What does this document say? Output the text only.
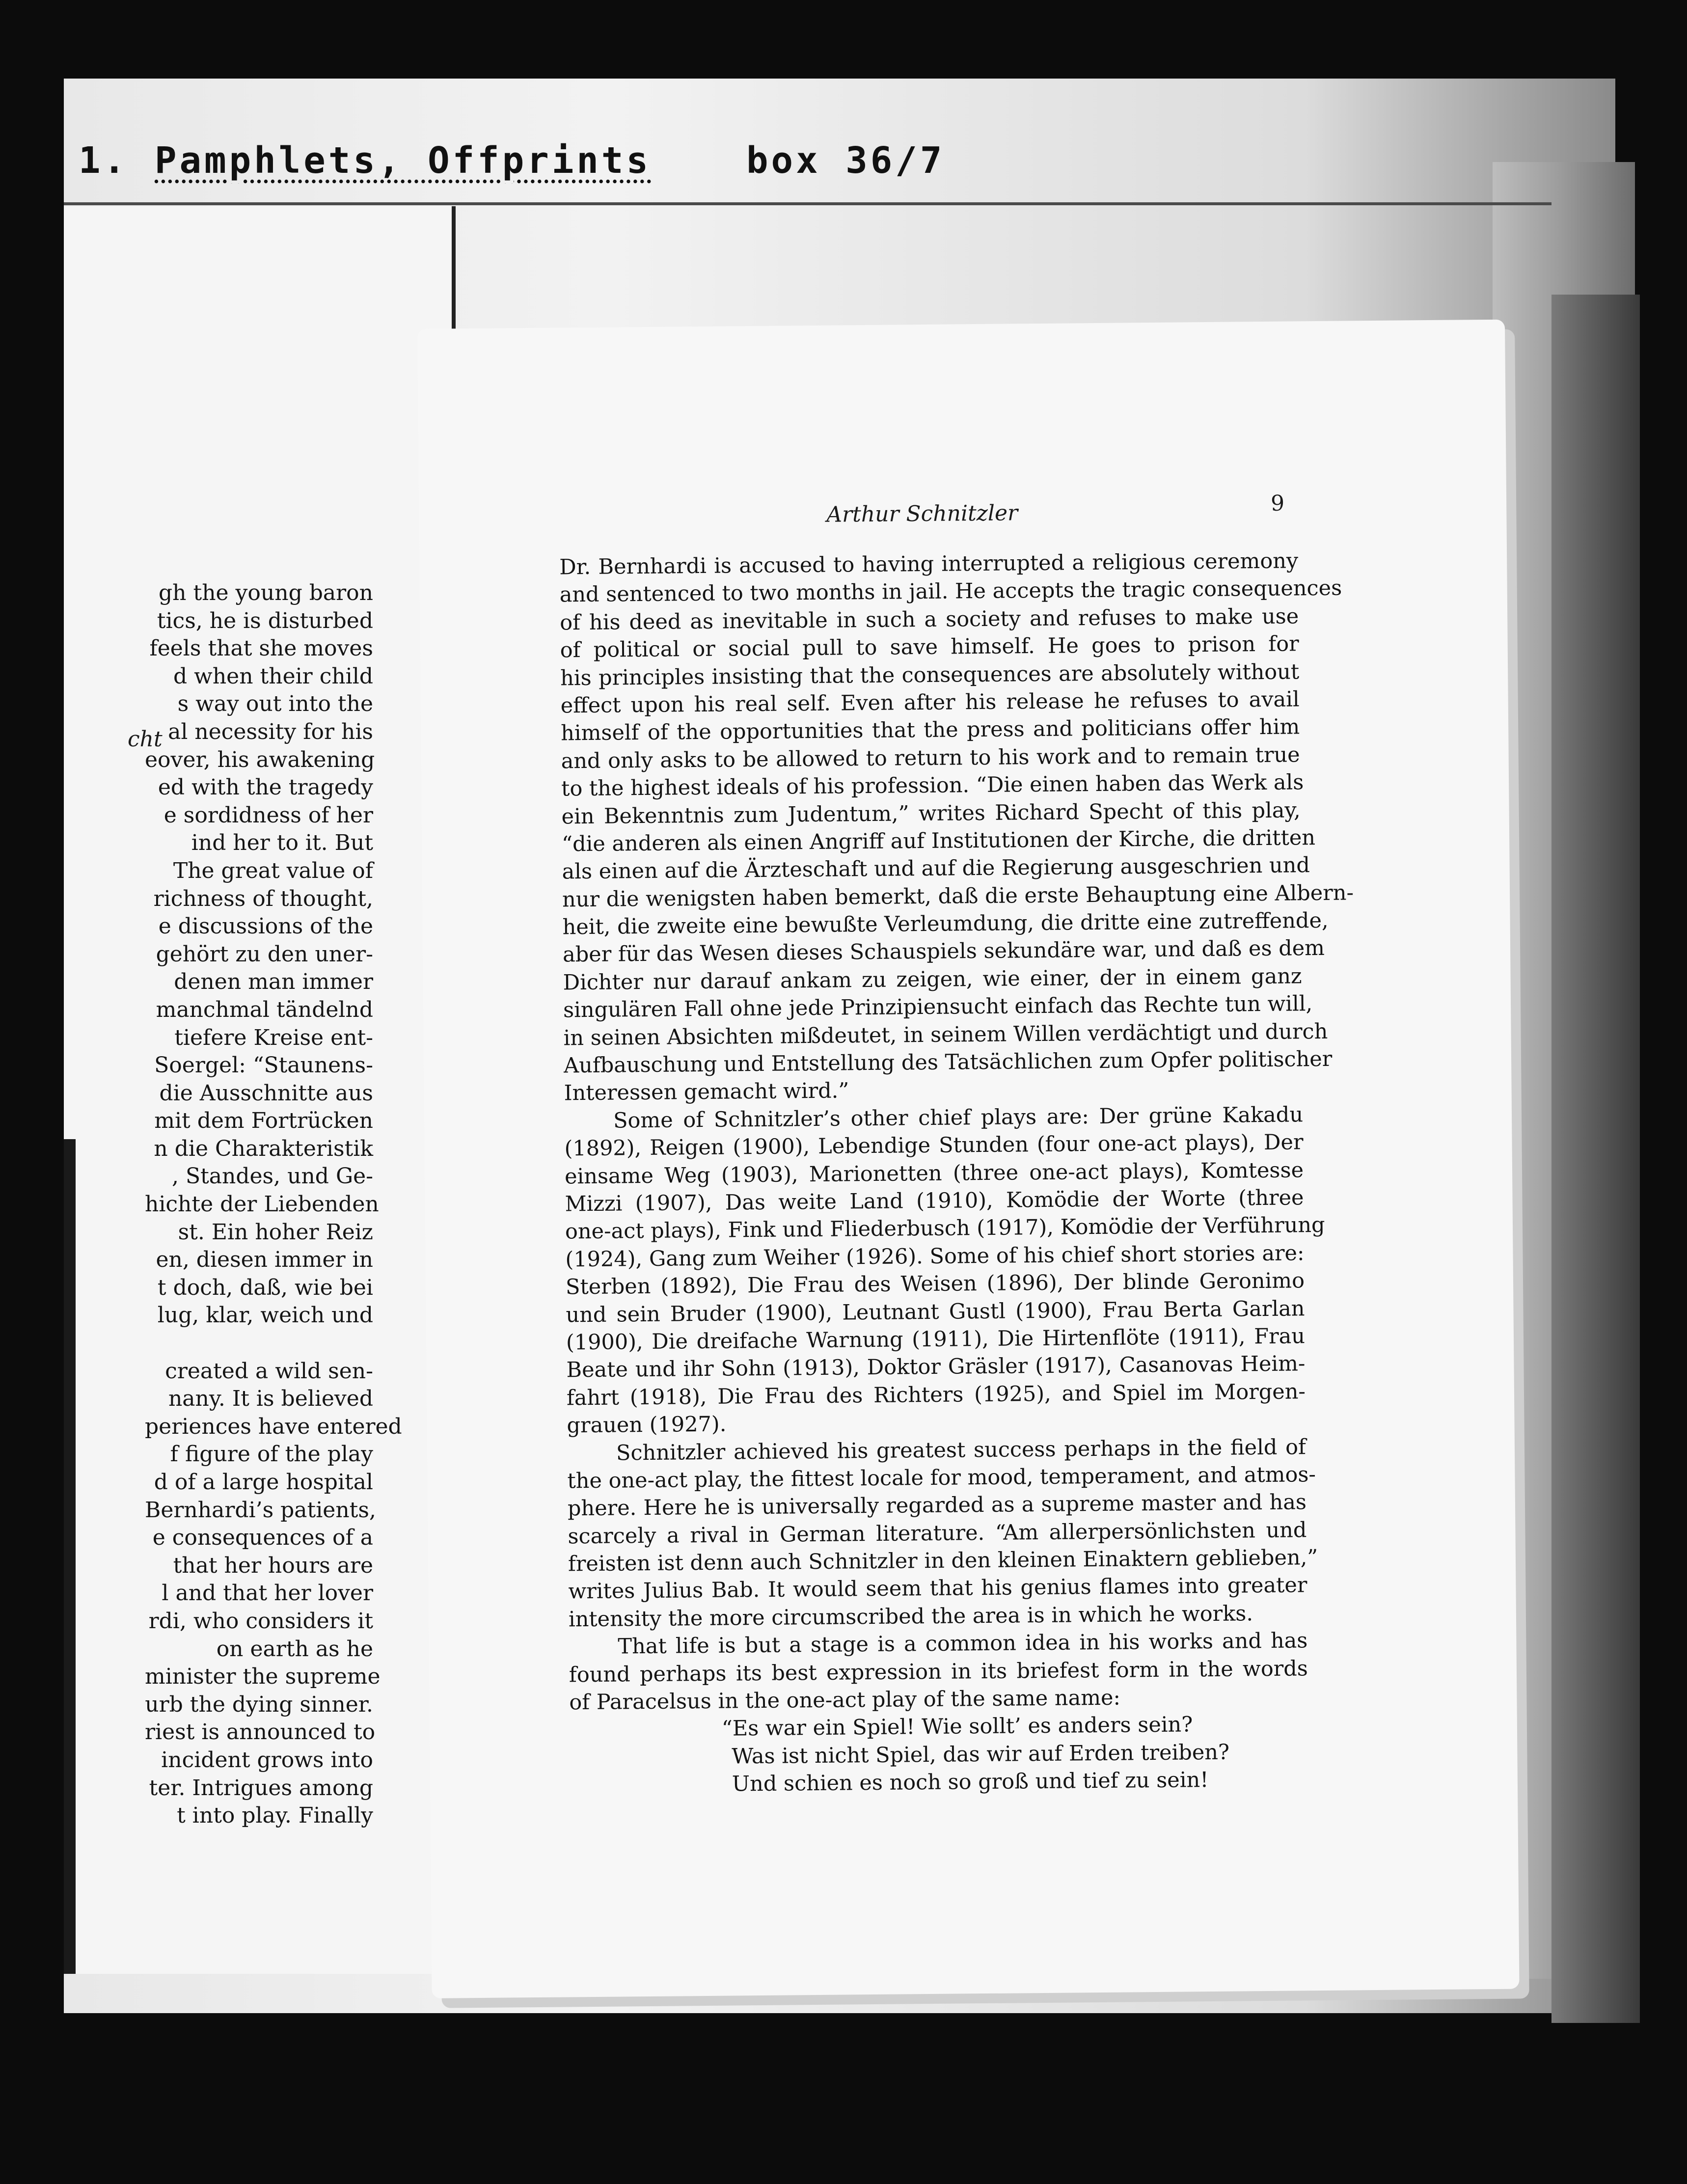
1. Pamphlets, Offprints	box 36/7
cht
gh the young baron
tics, he is disturbed
feels that she moves
d when their child
s way out into the
al necessity for his
eover, his awakening
ed with the tragedy
e sordidness of her
ind her to it. But
The great value of
richness of thought,
e discussions of the
gehört zu den uner-
denen man immer
manchmal tändelnd
tiefere Kreise ent-
Soergel: “Staunens-
die Ausschnitte aus
mit dem Fortrücken
n die Charakteristik
, Standes, und Ge-
hichte der Liebenden
st. Ein hoher Reiz
en, diesen immer in
t doch, daß, wie bei
lug, klar, weich und
created a wild sen-
nany. It is believed
periences have entered
f figure of the play
d of a large hospital
Bernhardi’s patients,
e consequences of a
that her hours are
l and that her lover
rdi, who considers it
on earth as he
minister the supreme
urb the dying sinner.
riest is announced to
incident grows into
ter. Intrigues among
t into play. Finally
Arthur Schnitzler	9
Dr. Bernhardi is accused to having interrupted a religious ceremony
and sentenced to two months in jail. He accepts the tragic consequences
of his deed as inevitable in such a society and refuses to make use
of political or social pull to save himself. He goes to prison for
his principles insisting that the consequences are absolutely without
effect upon his real self. Even after his release he refuses to avail
himself of the opportunities that the press and politicians offer him
and only asks to be allowed to return to his work and to remain true
to the highest ideals of his profession. “Die einen haben das Werk als
ein Bekenntnis zum Judentum,” writes Richard Specht of this play,
“die anderen als einen Angriff auf Institutionen der Kirche, die dritten
als einen auf die Ärzteschaft und auf die Regierung ausgeschrien und
nur die wenigsten haben bemerkt, daß die erste Behauptung eine Albern-
heit, die zweite eine bewußte Verleumdung, die dritte eine zutreffende,
aber für das Wesen dieses Schauspiels sekundäre war, und daß es dem
Dichter nur darauf ankam zu zeigen, wie einer, der in einem ganz
singulären Fall ohne jede Prinzipiensucht einfach das Rechte tun will,
in seinen Absichten mißdeutet, in seinem Willen verdächtigt und durch
Aufbauschung und Entstellung des Tatsächlichen zum Opfer politischer
Interessen gemacht wird.”
Some of Schnitzler’s other chief plays are: Der grüne Kakadu
(1892), Reigen (1900), Lebendige Stunden (four one-act plays), Der
einsame Weg (1903), Marionetten (three one-act plays), Komtesse
Mizzi (1907), Das weite Land (1910), Komödie der Worte (three
one-act plays), Fink und Fliederbusch (1917), Komödie der Verführung
(1924), Gang zum Weiher (1926). Some of his chief short stories are:
Sterben (1892), Die Frau des Weisen (1896), Der blinde Geronimo
und sein Bruder (1900), Leutnant Gustl (1900), Frau Berta Garlan
(1900), Die dreifache Warnung (1911), Die Hirtenflöte (1911), Frau
Beate und ihr Sohn (1913), Doktor Gräsler (1917), Casanovas Heim-
fahrt (1918), Die Frau des Richters (1925), and Spiel im Morgen-
grauen (1927).
Schnitzler achieved his greatest success perhaps in the field of
the one-act play, the fittest locale for mood, temperament, and atmos-
phere. Here he is universally regarded as a supreme master and has
scarcely a rival in German literature. “Am allerpersönlichsten und
freisten ist denn auch Schnitzler in den kleinen Einaktern geblieben,”
writes Julius Bab. It would seem that his genius flames into greater
intensity the more circumscribed the area is in which he works.
That life is but a stage is a common idea in his works and has
found perhaps its best expression in its briefest form in the words
of Paracelsus in the one-act play of the same name:
“Es war ein Spiel! Wie sollt’ es anders sein?
Was ist nicht Spiel, das wir auf Erden treiben?
Und schien es noch so groß und tief zu sein!
